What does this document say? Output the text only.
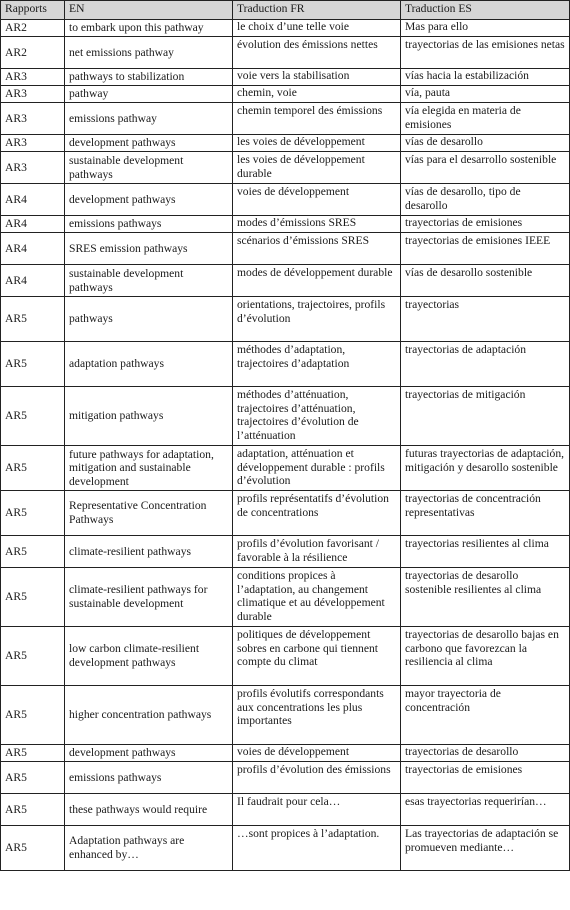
Rapports	EN	Traduction FR	Traduction ES
AR2	to embark upon this pathway	le choix d’une telle voie	Mas para ello
AR2	net emissions pathway	évolution des émissions nettes	trayectorias de las emisiones netas
AR3	pathways to stabilization	voie vers la stabilisation	vías hacia la estabilización
AR3	pathway	chemin, voie	vía, pauta
AR3	emissions pathway	chemin temporel des émissions	vía elegida en materia de emisiones
AR3	development pathways	les voies de développement	vías de desarollo
AR3	sustainable development pathways	les voies de développement durable	vías para el desarrollo sostenible
AR4	development pathways	voies de développement	vías de desarollo, tipo de desarollo
AR4	emissions pathways	modes d’émissions SRES	trayectorias de emisiones
AR4	SRES emission pathways	scénarios d’émissions SRES	trayectorias de emisiones IEEE
AR4	sustainable development pathways	modes de développement durable	vías de desarollo sostenible
AR5	pathways	orientations, trajectoires, profils d’évolution	trayectorias
AR5	adaptation pathways	méthodes d’adaptation, trajectoires d’adaptation	trayectorias de adaptación
AR5	mitigation pathways	méthodes d’atténuation, trajectoires d’atténuation, trajectoires d’évolution de l’atténuation	trayectorias de mitigación
AR5	future pathways for adaptation, mitigation and sustainable development	adaptation, atténuation et développement durable : profils d’évolution	futuras trayectorias de adaptación, mitigación y desarollo sostenible
AR5	Representative Concentration Pathways	profils représentatifs d’évolution de concentrations	trayectorias de concentración representativas
AR5	climate-resilient pathways	profils d’évolution favorisant / favorable à la résilience	trayectorias resilientes al clima
AR5	climate-resilient pathways for sustainable development	conditions propices à l’adaptation, au changement climatique et au développement durable	trayectorias de desarollo sostenible resilientes al clima
AR5	low carbon climate-resilient development pathways	politiques de développement sobres en carbone qui tiennent compte du climat	trayectorias de desarollo bajas en carbono que favorezcan la resiliencia al clima
AR5	higher concentration pathways	profils évolutifs correspondants aux concentrations les plus importantes	mayor trayectoria de concentración
AR5	development pathways	voies de développement	trayectorias de desarollo
AR5	emissions pathways	profils d’évolution des émissions	trayectorias de emisiones
AR5	these pathways would require	Il faudrait pour cela…	esas trayectorias requerirían…
AR5	Adaptation pathways are enhanced by…	…sont propices à l’adaptation.	Las trayectorias de adaptación se promueven mediante…
